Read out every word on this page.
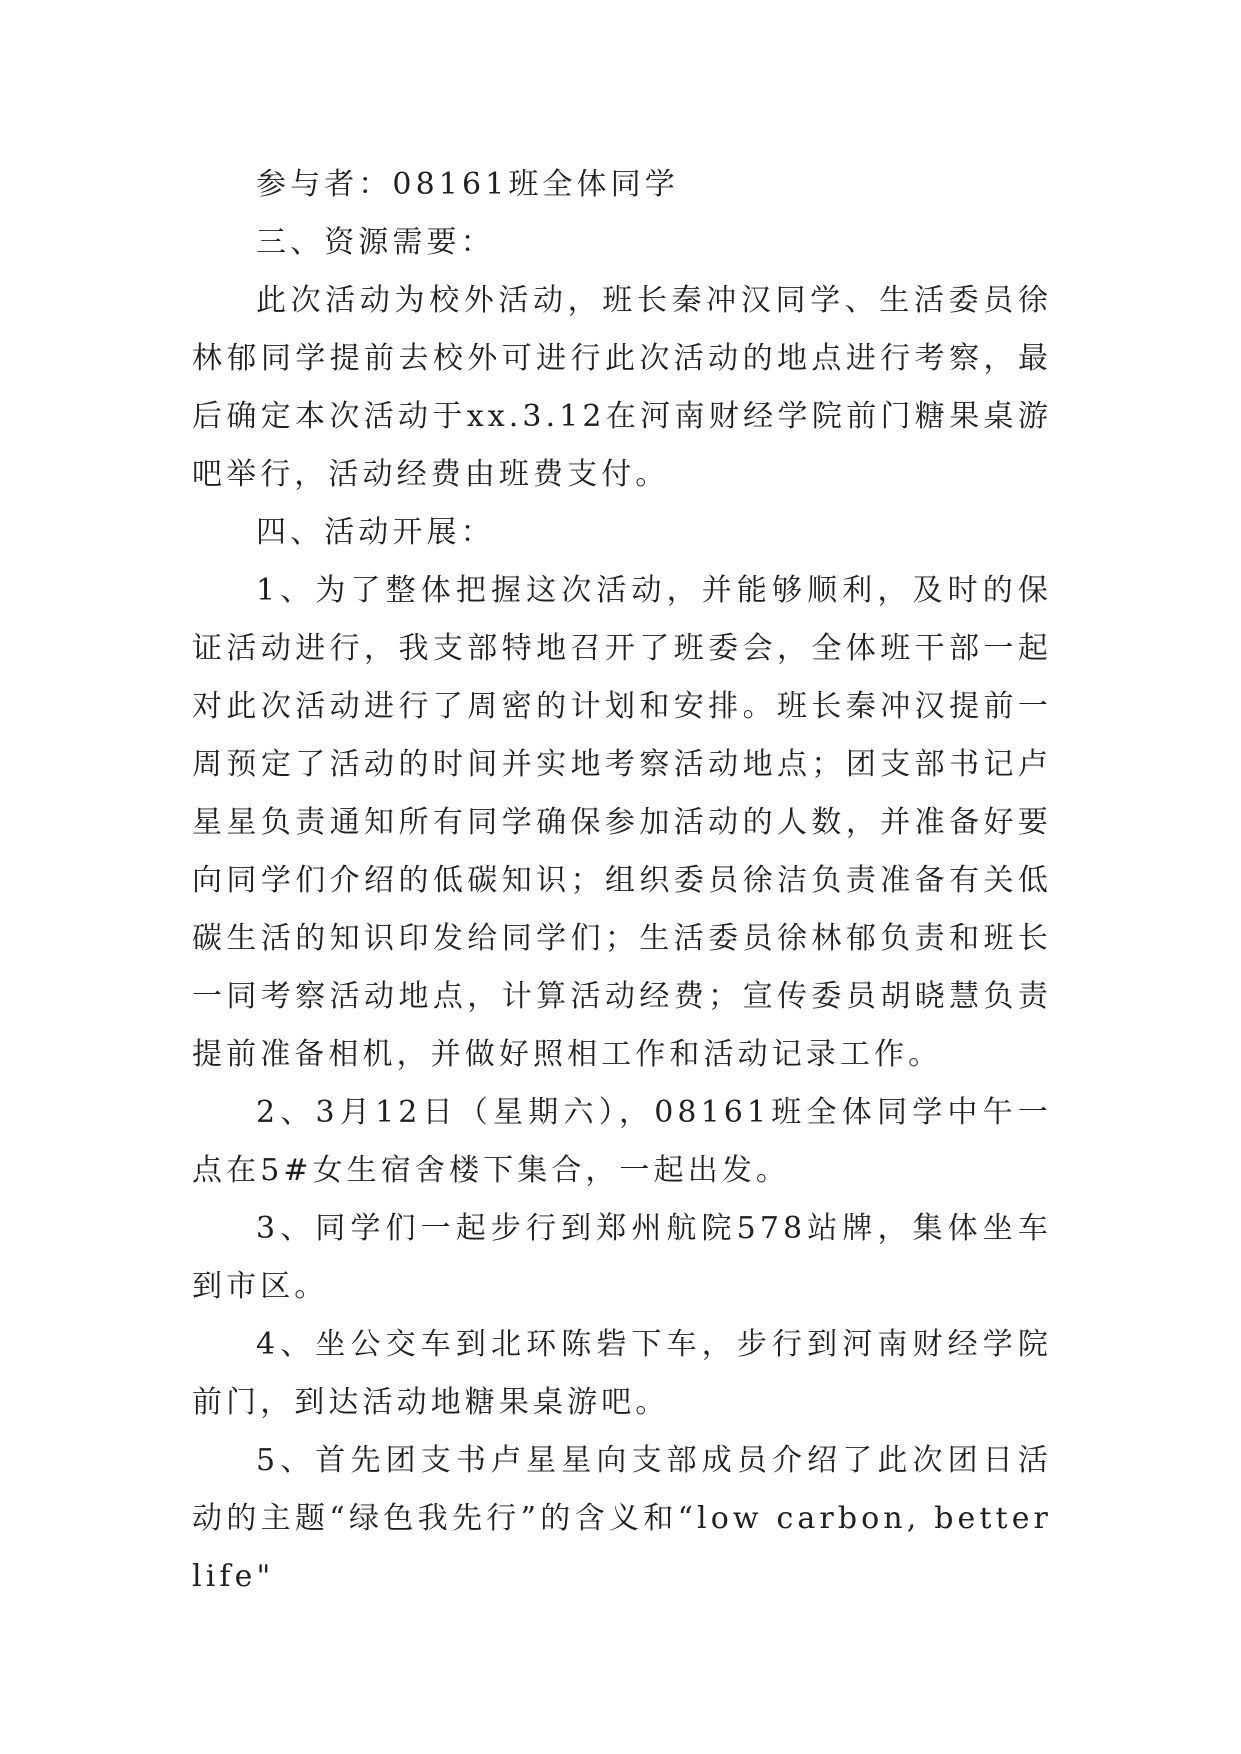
参与者：08161班全体同学

三、资源需要：

此次活动为校外活动，班长秦冲汉同学、生活委员徐林郁同学提前去校外可进行此次活动的地点进行考察，最后确定本次活动于xx.3.12在河南财经学院前门糖果桌游吧举行，活动经费由班费支付。

四、活动开展：

1、为了整体把握这次活动，并能够顺利，及时的保证活动进行，我支部特地召开了班委会，全体班干部一起对此次活动进行了周密的计划和安排。班长秦冲汉提前一周预定了活动的时间并实地考察活动地点；团支部书记卢星星负责通知所有同学确保参加活动的人数，并准备好要向同学们介绍的低碳知识；组织委员徐洁负责准备有关低碳生活的知识印发给同学们；生活委员徐林郁负责和班长一同考察活动地点，计算活动经费；宣传委员胡晓慧负责提前准备相机，并做好照相工作和活动记录工作。

2、3月12日（星期六），08161班全体同学中午一点在5#女生宿舍楼下集合，一起出发。

3、同学们一起步行到郑州航院578站牌，集体坐车到市区。

4、坐公交车到北环陈砦下车，步行到河南财经学院前门，到达活动地糖果桌游吧。

5、首先团支书卢星星向支部成员介绍了此次团日活动的主题“绿色我先行”的含义和“low carbon, better life"
